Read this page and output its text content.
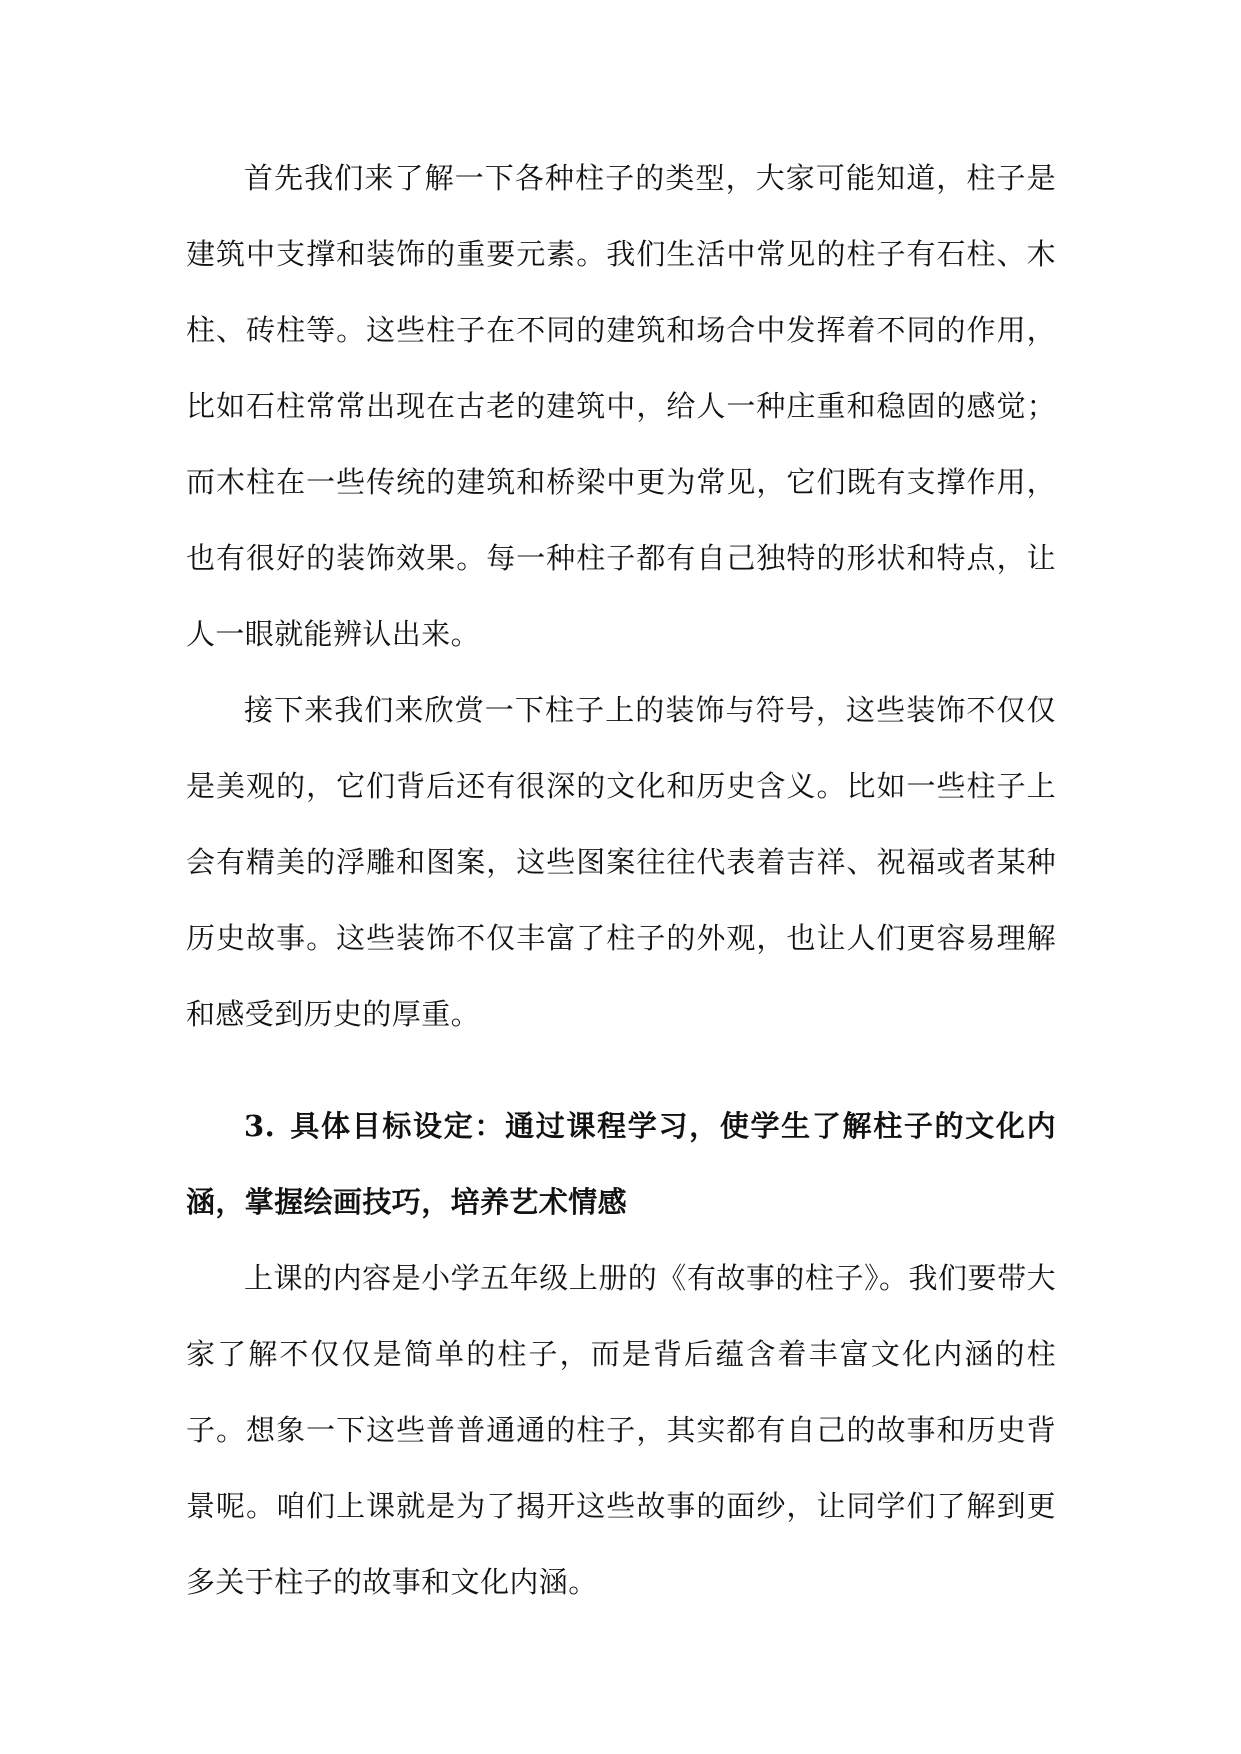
首先我们来了解一下各种柱子的类型，大家可能知道，柱子是建筑中支撑和装饰的重要元素。我们生活中常见的柱子有石柱、木柱、砖柱等。这些柱子在不同的建筑和场合中发挥着不同的作用，比如石柱常常出现在古老的建筑中，给人一种庄重和稳固的感觉；而木柱在一些传统的建筑和桥梁中更为常见，它们既有支撑作用，也有很好的装饰效果。每一种柱子都有自己独特的形状和特点，让人一眼就能辨认出来。

接下来我们来欣赏一下柱子上的装饰与符号，这些装饰不仅仅是美观的，它们背后还有很深的文化和历史含义。比如一些柱子上会有精美的浮雕和图案，这些图案往往代表着吉祥、祝福或者某种历史故事。这些装饰不仅丰富了柱子的外观，也让人们更容易理解和感受到历史的厚重。

3. 具体目标设定：通过课程学习，使学生了解柱子的文化内涵，掌握绘画技巧，培养艺术情感

上课的内容是小学五年级上册的《有故事的柱子》。我们要带大家了解不仅仅是简单的柱子，而是背后蕴含着丰富文化内涵的柱子。想象一下这些普普通通的柱子，其实都有自己的故事和历史背景呢。咱们上课就是为了揭开这些故事的面纱，让同学们了解到更多关于柱子的故事和文化内涵。
